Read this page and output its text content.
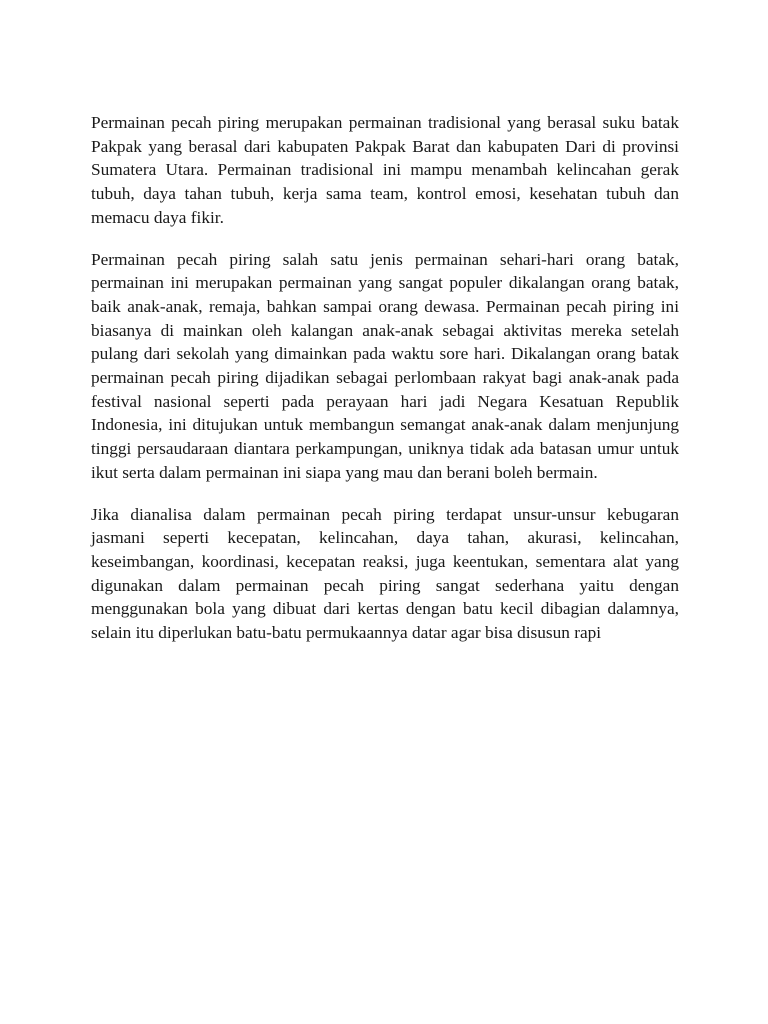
Permainan pecah piring merupakan permainan tradisional yang berasal suku batak Pakpak yang berasal dari kabupaten Pakpak Barat dan kabupaten Dari di provinsi Sumatera Utara. Permainan tradisional ini mampu menambah kelincahan gerak tubuh, daya tahan tubuh, kerja sama team, kontrol emosi, kesehatan tubuh dan memacu daya fikir.

Permainan pecah piring salah satu jenis permainan sehari-hari orang batak, permainan ini merupakan permainan yang sangat populer dikalangan orang batak, baik anak-anak, remaja, bahkan sampai orang dewasa. Permainan pecah piring ini biasanya di mainkan oleh kalangan anak-anak sebagai aktivitas mereka setelah pulang dari sekolah yang dimainkan pada waktu sore hari. Dikalangan orang batak permainan pecah piring dijadikan sebagai perlombaan rakyat bagi anak-anak pada festival nasional seperti pada perayaan hari jadi Negara Kesatuan Republik Indonesia, ini ditujukan untuk membangun semangat anak-anak dalam menjunjung tinggi persaudaraan diantara perkampungan, uniknya tidak ada batasan umur untuk ikut serta dalam permainan ini siapa yang mau dan berani boleh bermain.

Jika dianalisa dalam permainan pecah piring terdapat unsur-unsur kebugaran jasmani seperti kecepatan, kelincahan, daya tahan, akurasi, kelincahan, keseimbangan, koordinasi, kecepatan reaksi, juga keentukan, sementara alat yang digunakan dalam permainan pecah piring sangat sederhana yaitu dengan menggunakan bola yang dibuat dari kertas dengan batu kecil dibagian dalamnya, selain itu diperlukan batu-batu permukaannya datar agar bisa disusun rapi
